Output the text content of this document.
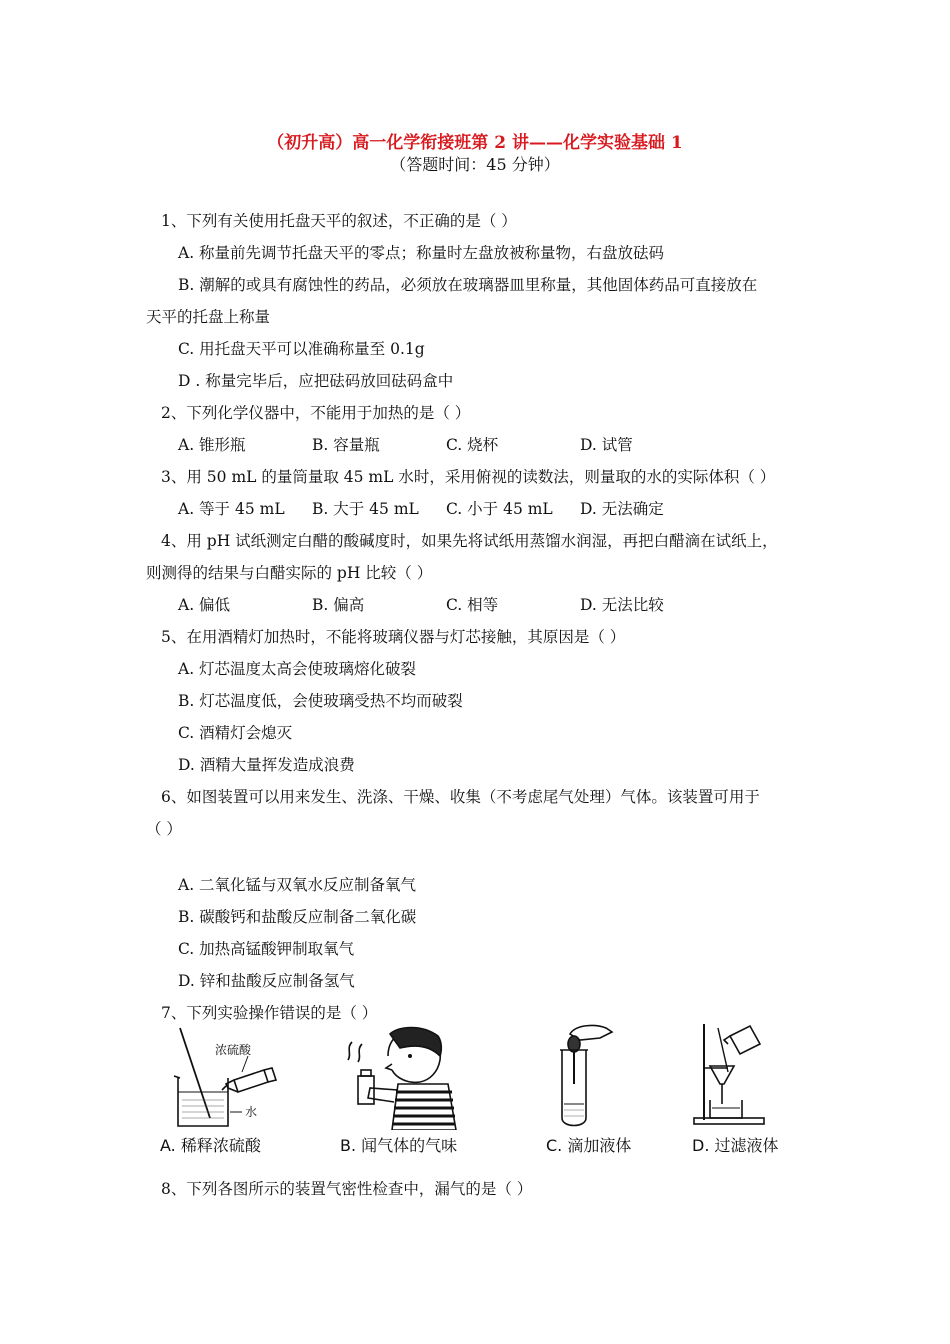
（初升高）高一化学衔接班第 2 讲——化学实验基础 1
（答题时间：45 分钟）
1、下列有关使用托盘天平的叙述，不正确的是（ ）
A. 称量前先调节托盘天平的零点；称量时左盘放被称量物，右盘放砝码
B. 潮解的或具有腐蚀性的药品，必须放在玻璃器皿里称量，其他固体药品可直接放在
天平的托盘上称量
C. 用托盘天平可以准确称量至 0.1g
D . 称量完毕后，应把砝码放回砝码盒中
2、下列化学仪器中，不能用于加热的是（ ）
A. 锥形瓶	B. 容量瓶	C. 烧杯	D. 试管
3、用 50 mL 的量筒量取 45 mL 水时，采用俯视的读数法，则量取的水的实际体积（ ）
A. 等于 45 mL B. 大于 45 mL C. 小于 45 mL D. 无法确定
4、用 pH 试纸测定白醋的酸碱度时，如果先将试纸用蒸馏水润湿，再把白醋滴在试纸上，
则测得的结果与白醋实际的 pH 比较（ ）
A. 偏低	B. 偏高	C. 相等	D. 无法比较
5、在用酒精灯加热时，不能将玻璃仪器与灯芯接触，其原因是（ ）
A. 灯芯温度太高会使玻璃熔化破裂
B. 灯芯温度低，会使玻璃受热不均而破裂
C. 酒精灯会熄灭
D. 酒精大量挥发造成浪费
6、如图装置可以用来发生、洗涤、干燥、收集（不考虑尾气处理）气体。该装置可用于
（ ）
A. 二氧化锰与双氧水反应制备氧气
B. 碳酸钙和盐酸反应制备二氧化碳
C. 加热高锰酸钾制取氧气
D. 锌和盐酸反应制备氢气
7、下列实验操作错误的是（ ）
浓硫酸
水
A. 稀释浓硫酸	B. 闻气体的气味	C. 滴加液体	D. 过滤液体
8、下列各图所示的装置气密性检查中，漏气的是（ ）
